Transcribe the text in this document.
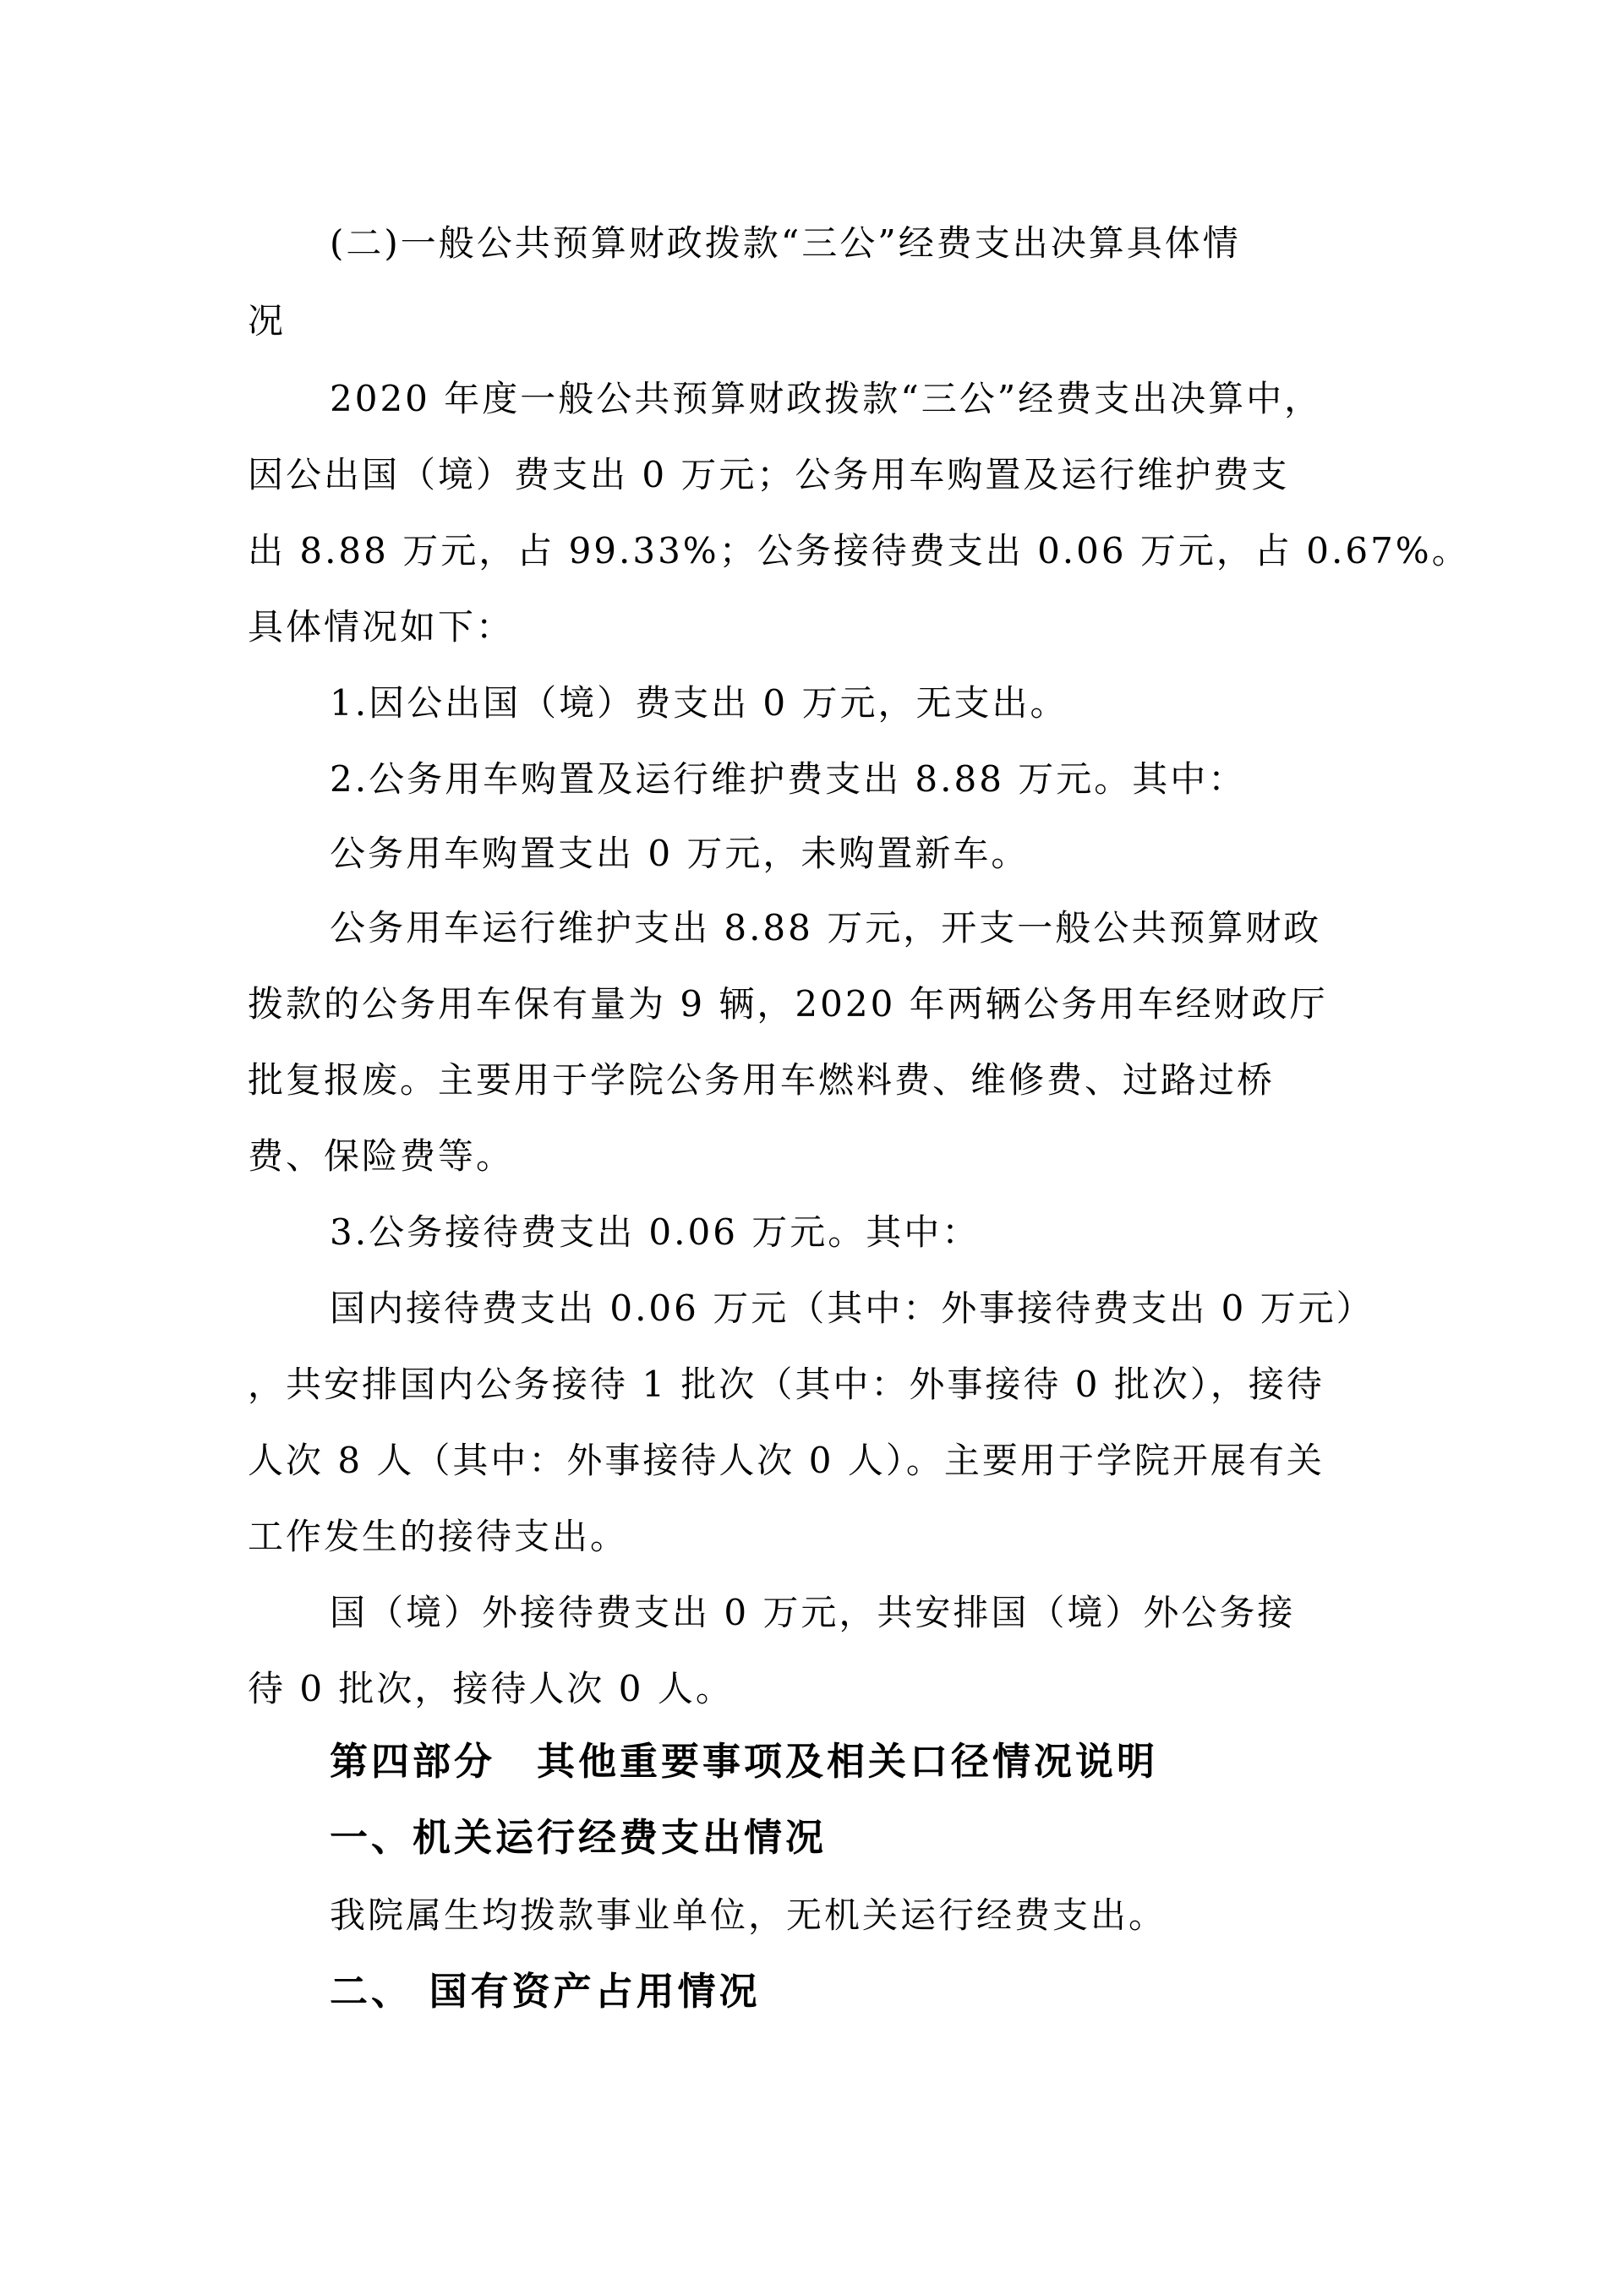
(二)一般公共预算财政拨款“三公”经费支出决算具体情
况
2020 年度一般公共预算财政拨款“三公”经费支出决算中，
因公出国（境）费支出 0 万元；公务用车购置及运行维护费支
出 8.88 万元，占 99.33%；公务接待费支出 0.06 万元，占 0.67%。
具体情况如下：
1.因公出国（境）费支出 0 万元，无支出。
2.公务用车购置及运行维护费支出 8.88 万元。其中：
公务用车购置支出 0 万元，未购置新车。
公务用车运行维护支出 8.88 万元，开支一般公共预算财政
拨款的公务用车保有量为 9 辆，2020 年两辆公务用车经财政厅
批复报废。主要用于学院公务用车燃料费、维修费、过路过桥
费、保险费等。
3.公务接待费支出 0.06 万元。其中：
国内接待费支出 0.06 万元（其中：外事接待费支出 0 万元）
，共安排国内公务接待 1 批次（其中：外事接待 0 批次），接待
人次 8 人（其中：外事接待人次 0 人）。主要用于学院开展有关
工作发生的接待支出。
国（境）外接待费支出 0 万元，共安排国（境）外公务接
待 0 批次，接待人次 0 人。
第四部分　其他重要事项及相关口径情况说明
一、机关运行经费支出情况
我院属生均拨款事业单位，无机关运行经费支出。
二、 国有资产占用情况
